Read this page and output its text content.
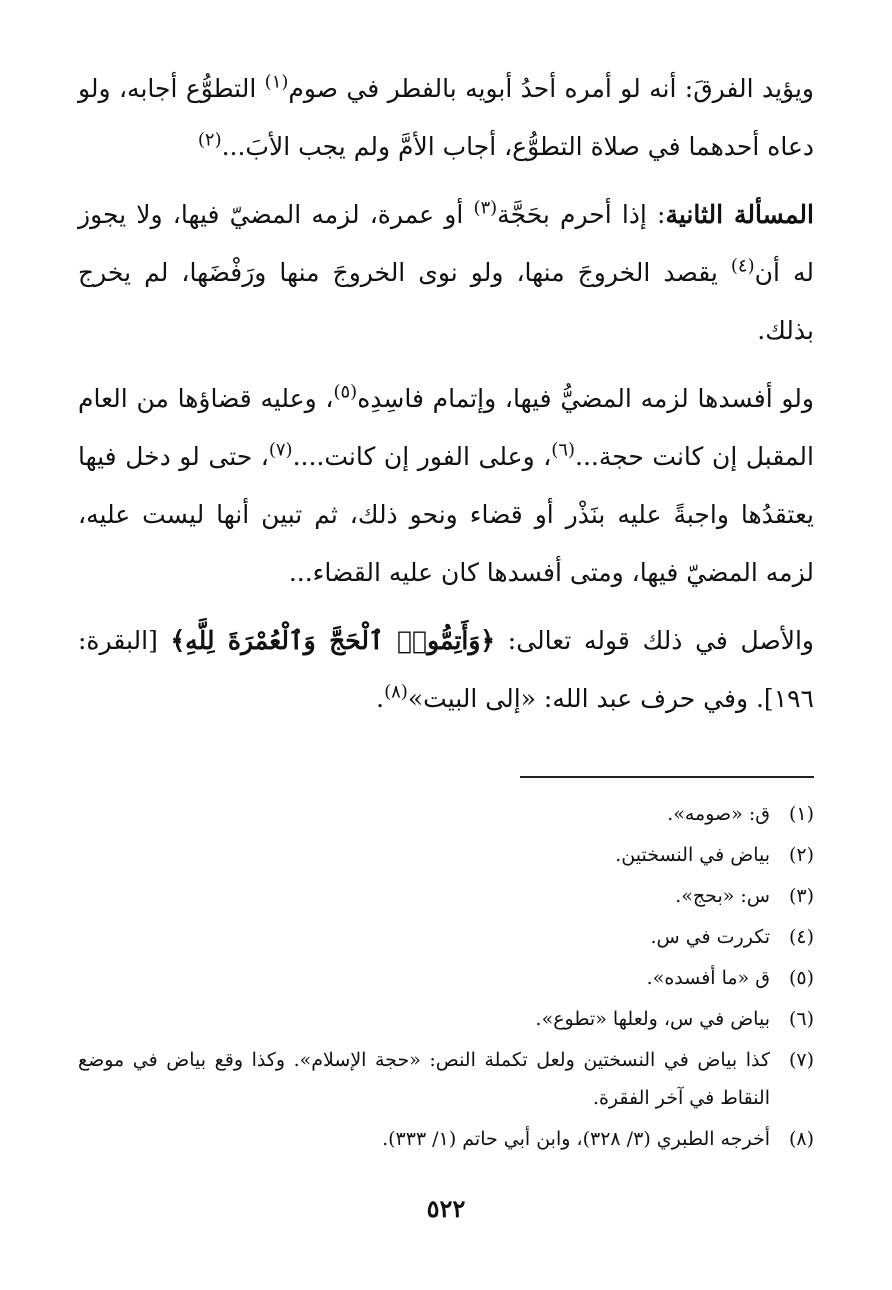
ويؤيد الفرقَ: أنه لو أمره أحدُ أبويه بالفطر في صوم$^{(١)}$ التطوُّع أجابه، ولو دعاه أحدهما في صلاة التطوُّع، أجاب الأمَّ ولم يجب الأبَ...$^{(٢)}$

المسألة الثانية: إذا أحرم بحَجَّة$^{(٣)}$ أو عمرة، لزمه المضيّ فيها، ولا يجوز له أن$^{(٤)}$ يقصد الخروجَ منها، ولو نوى الخروجَ منها ورَفْضَها، لم يخرج بذلك.

ولو أفسدها لزمه المضيُّ فيها، وإتمام فاسِدِه$^{(٥)}$، وعليه قضاؤها من العام المقبل إن كانت حجة...$^{(٦)}$، وعلى الفور إن كانت....$^{(٧)}$، حتى لو دخل فيها يعتقدُها واجبةً عليه بنَذْر أو قضاء ونحو ذلك، ثم تبين أنها ليست عليه، لزمه المضيّ فيها، ومتى أفسدها كان عليه القضاء...

والأصل في ذلك قوله تعالى: ﴿وَأَتِمُّوا۟ ٱلْحَجَّ وَٱلْعُمْرَةَ لِلَّهِ﴾ [البقرة: ١٩٦]. وفي حرف عبد الله: «إلى البيت»$^{(٨)}$.

(١)
ق: «صومه».
(٢)
بياض في النسختين.
(٣)
س: «بحج».
(٤)
تكررت في س.
(٥)
ق «ما أفسده».
(٦)
بياض في س، ولعلها «تطوع».
(٧)
كذا بياض في النسختين ولعل تكملة النص: «حجة الإسلام». وكذا وقع بياض في موضع النقاط في آخر الفقرة.
(٨)
أخرجه الطبري (٣/ ٣٢٨)، وابن أبي حاتم (١/ ٣٣٣).
٥٢٢
